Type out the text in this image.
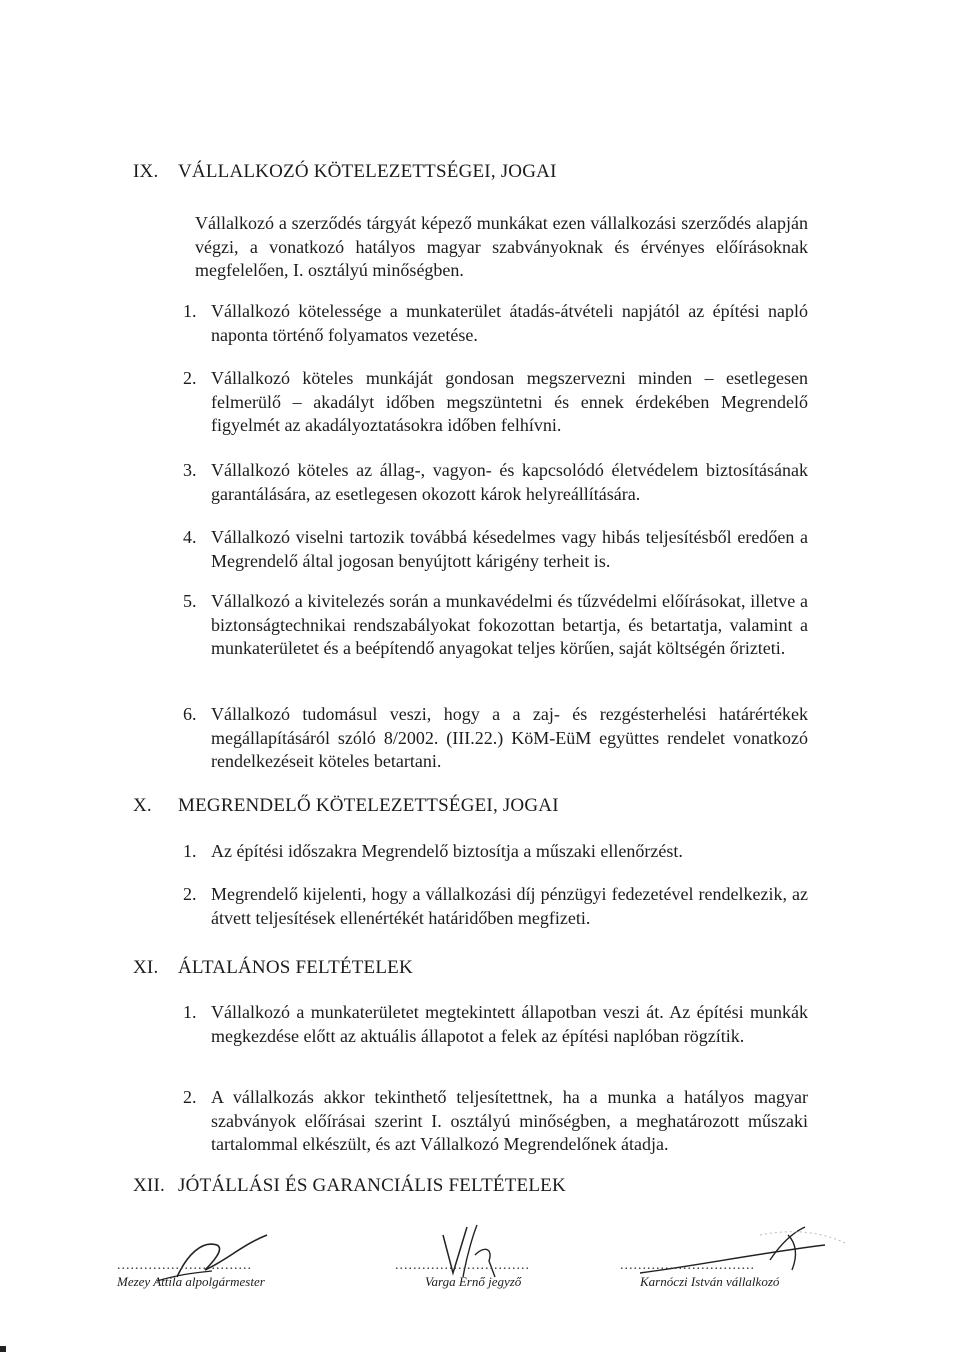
IX. VÁLLALKOZÓ KÖTELEZETTSÉGEI, JOGAI

Vállalkozó a szerződés tárgyát képező munkákat ezen vállalkozási szerződés alapján végzi, a vonatkozó hatályos magyar szabványoknak és érvényes előírásoknak megfelelően, I. osztályú minőségben.

1. Vállalkozó kötelessége a munkaterület átadás-átvételi napjától az építési napló naponta történő folyamatos vezetése.
2. Vállalkozó köteles munkáját gondosan megszervezni minden – esetlegesen felmerülő – akadályt időben megszüntetni és ennek érdekében Megrendelő figyelmét az akadályoztatásokra időben felhívni.
3. Vállalkozó köteles az állag-, vagyon- és kapcsolódó életvédelem biztosításának garantálására, az esetlegesen okozott károk helyreállítására.
4. Vállalkozó viselni tartozik továbbá késedelmes vagy hibás teljesítésből eredően a Megrendelő által jogosan benyújtott kárigény terheit is.
5. Vállalkozó a kivitelezés során a munkavédelmi és tűzvédelmi előírásokat, illetve a biztonságtechnikai rendszabályokat fokozottan betartja, és betartatja, valamint a munkaterületet és a beépítendő anyagokat teljes körűen, saját költségén őrizteti.
6. Vállalkozó tudomásul veszi, hogy a a zaj- és rezgésterhelési határértékek megállapításáról szóló 8/2002. (III.22.) KöM-EüM együttes rendelet vonatkozó rendelkezéseit köteles betartani.
X. MEGRENDELŐ KÖTELEZETTSÉGEI, JOGAI
1. Az építési időszakra Megrendelő biztosítja a műszaki ellenőrzést.
2. Megrendelő kijelenti, hogy a vállalkozási díj pénzügyi fedezetével rendelkezik, az átvett teljesítések ellenértékét határidőben megfizeti.
XI. ÁLTALÁNOS FELTÉTELEK
1. Vállalkozó a munkaterületet megtekintett állapotban veszi át. Az építési munkák megkezdése előtt az aktuális állapotot a felek az építési naplóban rögzítik.
2. A vállalkozás akkor tekinthető teljesítettnek, ha a munka a hatályos magyar szabványok előírásai szerint I. osztályú minőségben, a meghatározott műszaki tartalommal elkészült, és azt Vállalkozó Megrendelőnek átadja.
XII. JÓTÁLLÁSI ÉS GARANCIÁLIS FELTÉTELEK
..............................
Mezey Attila alpolgármester
..............................
Varga Ernő jegyző
..............................
Karnóczi István vállalkozó
